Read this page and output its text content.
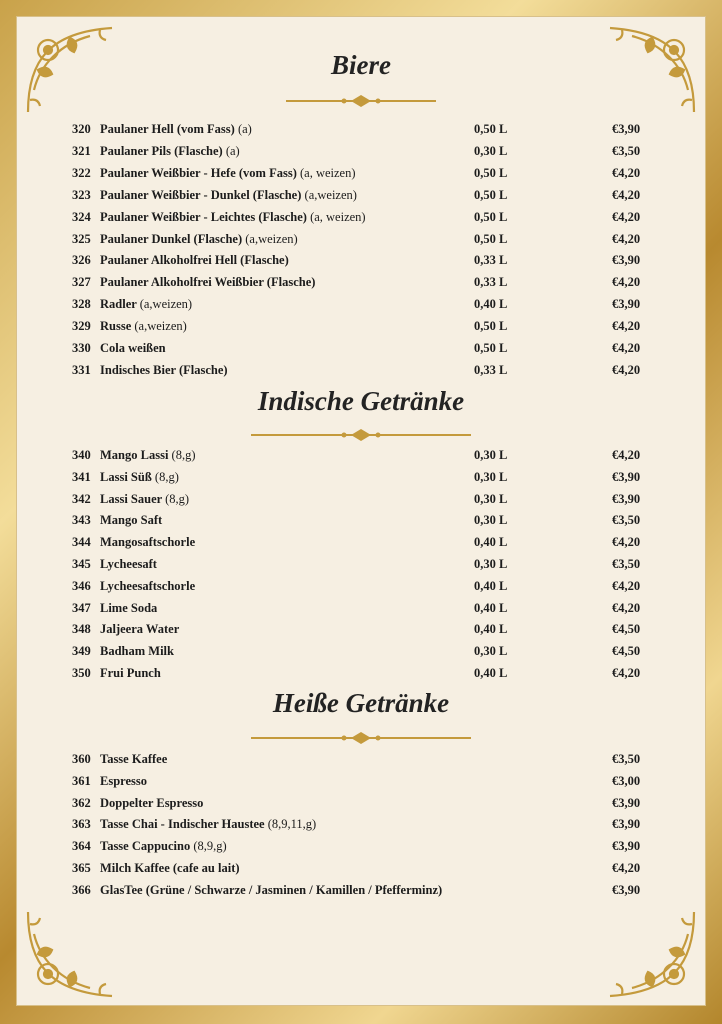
Biere
320 Paulaner Hell (vom Fass) (a)	0,50 L	€3,90
321 Paulaner Pils (Flasche) (a)	0,30 L	€3,50
322 Paulaner Weißbier - Hefe (vom Fass) (a, weizen)	0,50 L	€4,20
323 Paulaner Weißbier - Dunkel (Flasche) (a,weizen)	0,50 L	€4,20
324 Paulaner Weißbier - Leichtes (Flasche) (a, weizen)	0,50 L	€4,20
325 Paulaner Dunkel (Flasche) (a,weizen)	0,50 L	€4,20
326 Paulaner Alkoholfrei Hell (Flasche)	0,33 L	€3,90
327 Paulaner Alkoholfrei Weißbier (Flasche)	0,33 L	€4,20
328 Radler (a,weizen)	0,40 L	€3,90
329 Russe (a,weizen)	0,50 L	€4,20
330 Cola weißen	0,50 L	€4,20
331 Indisches Bier (Flasche)	0,33 L	€4,20
Indische Getränke
340 Mango Lassi (8,g)	0,30 L	€4,20
341 Lassi Süß (8,g)	0,30 L	€3,90
342 Lassi Sauer (8,g)	0,30 L	€3,90
343 Mango Saft	0,30 L	€3,50
344 Mangosaftschorle	0,40 L	€4,20
345 Lycheesaft	0,30 L	€3,50
346 Lycheesaftschorle	0,40 L	€4,20
347 Lime Soda	0,40 L	€4,20
348 Jaljeera Water	0,40 L	€4,50
349 Badham Milk	0,30 L	€4,50
350 Frui Punch	0,40 L	€4,20
Heiße Getränke
360 Tasse Kaffee	€3,50
361 Espresso	€3,00
362 Doppelter Espresso	€3,90
363 Tasse Chai - Indischer Haustee (8,9,11,g)	€3,90
364 Tasse Cappucino (8,9,g)	€3,90
365 Milch Kaffee (cafe au lait)	€4,20
366 GlasTee (Grüne / Schwarze / Jasminen / Kamillen / Pfefferminz)	€3,90
